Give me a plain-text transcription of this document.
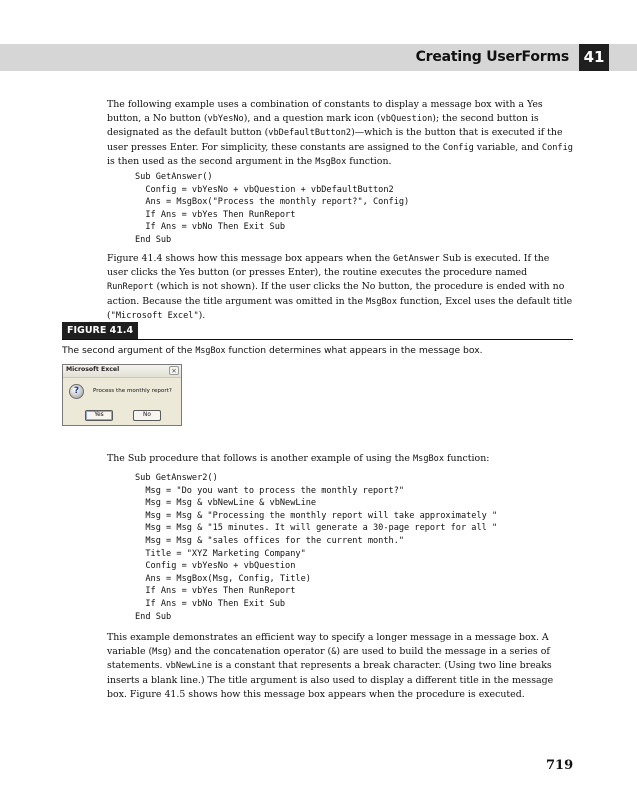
Creating UserForms 41

The following example uses a combination of constants to display a message box with a Yes button, a No button (vbYesNo), and a question mark icon (vbQuestion); the second button is designated as the default button (vbDefaultButton2)—which is the button that is executed if the user presses Enter. For simplicity, these constants are assigned to the Config variable, and Config is then used as the second argument in the MsgBox function.

Sub GetAnswer()
Config = vbYesNo + vbQuestion + vbDefaultButton2
Ans = MsgBox("Process the monthly report?", Config)
If Ans = vbYes Then RunReport
If Ans = vbNo Then Exit Sub
End Sub

Figure 41.4 shows how this message box appears when the GetAnswer Sub is executed. If the user clicks the Yes button (or presses Enter), the routine executes the procedure named RunReport (which is not shown). If the user clicks the No button, the procedure is ended with no action. Because the title argument was omitted in the MsgBox function, Excel uses the default title ("Microsoft Excel").

FIGURE 41.4

The second argument of the MsgBox function determines what appears in the message box.

Microsoft Excel	✕
?	Process the monthly report?
Yes	No

The Sub procedure that follows is another example of using the MsgBox function:

Sub GetAnswer2()
Msg = "Do you want to process the monthly report?"
Msg = Msg & vbNewLine & vbNewLine
Msg = Msg & "Processing the monthly report will take approximately "
Msg = Msg & "15 minutes. It will generate a 30-page report for all "
Msg = Msg & "sales offices for the current month."
Title = "XYZ Marketing Company"
Config = vbYesNo + vbQuestion
Ans = MsgBox(Msg, Config, Title)
If Ans = vbYes Then RunReport
If Ans = vbNo Then Exit Sub
End Sub

This example demonstrates an efficient way to specify a longer message in a message box. A variable (Msg) and the concatenation operator (&) are used to build the message in a series of statements. vbNewLine is a constant that represents a break character. (Using two line breaks inserts a blank line.) The title argument is also used to display a different title in the message box. Figure 41.5 shows how this message box appears when the procedure is executed.

719
